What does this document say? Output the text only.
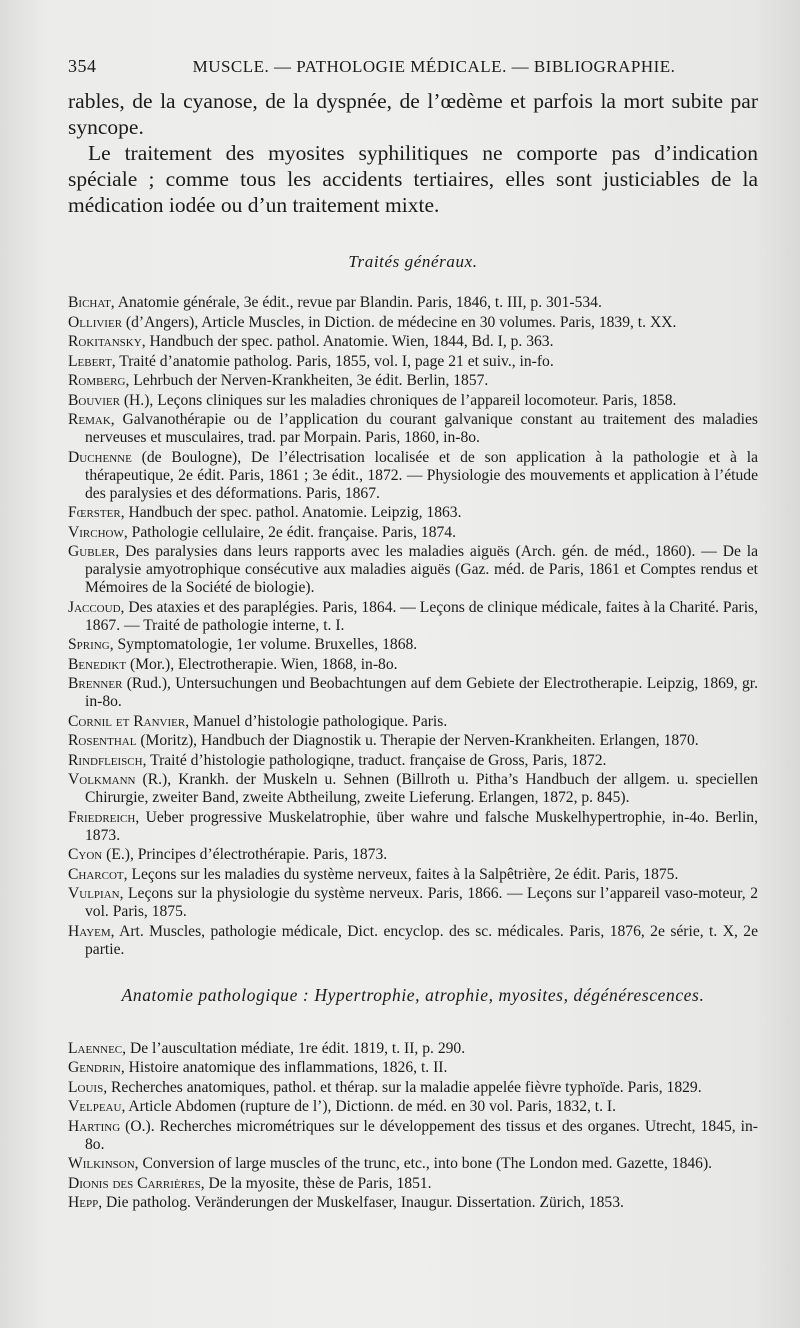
354	MUSCLE. — PATHOLOGIE MÉDICALE. — BIBLIOGRAPHIE.

rables, de la cyanose, de la dyspnée, de l’œdème et parfois la mort subite par syncope.

Le traitement des myosites syphilitiques ne comporte pas d’indication spéciale ; comme tous les accidents tertiaires, elles sont justiciables de la médication iodée ou d’un traitement mixte.

Traités généraux.

Bichat, Anatomie générale, 3e édit., revue par Blandin. Paris, 1846, t. III, p. 301-534.

Ollivier (d’Angers), Article Muscles, in Diction. de médecine en 30 volumes. Paris, 1839, t. XX.

Rokitansky, Handbuch der spec. pathol. Anatomie. Wien, 1844, Bd. I, p. 363.

Lebert, Traité d’anatomie patholog. Paris, 1855, vol. I, page 21 et suiv., in-fo.

Romberg, Lehrbuch der Nerven-Krankheiten, 3e édit. Berlin, 1857.

Bouvier (H.), Leçons cliniques sur les maladies chroniques de l’appareil locomoteur. Paris, 1858.

Remak, Galvanothérapie ou de l’application du courant galvanique constant au traitement des maladies nerveuses et musculaires, trad. par Morpain. Paris, 1860, in-8o.

Duchenne (de Boulogne), De l’électrisation localisée et de son application à la pathologie et à la thérapeutique, 2e édit. Paris, 1861 ; 3e édit., 1872. — Physiologie des mouvements et application à l’étude des paralysies et des déformations. Paris, 1867.

Fœrster, Handbuch der spec. pathol. Anatomie. Leipzig, 1863.

Virchow, Pathologie cellulaire, 2e édit. française. Paris, 1874.

Gubler, Des paralysies dans leurs rapports avec les maladies aiguës (Arch. gén. de méd., 1860). — De la paralysie amyotrophique consécutive aux maladies aiguës (Gaz. méd. de Paris, 1861 et Comptes rendus et Mémoires de la Société de biologie).

Jaccoud, Des ataxies et des paraplégies. Paris, 1864. — Leçons de clinique médicale, faites à la Charité. Paris, 1867. — Traité de pathologie interne, t. I.

Spring, Symptomatologie, 1er volume. Bruxelles, 1868.

Benedikt (Mor.), Electrotherapie. Wien, 1868, in-8o.

Brenner (Rud.), Untersuchungen und Beobachtungen auf dem Gebiete der Electrotherapie. Leipzig, 1869, gr. in-8o.

Cornil et Ranvier, Manuel d’histologie pathologique. Paris.

Rosenthal (Moritz), Handbuch der Diagnostik u. Therapie der Nerven-Krankheiten. Erlangen, 1870.

Rindfleisch, Traité d’histologie pathologiqne, traduct. française de Gross, Paris, 1872.

Volkmann (R.), Krankh. der Muskeln u. Sehnen (Billroth u. Pitha’s Handbuch der allgem. u. speciellen Chirurgie, zweiter Band, zweite Abtheilung, zweite Lieferung. Erlangen, 1872, p. 845).

Friedreich, Ueber progressive Muskelatrophie, über wahre und falsche Muskelhypertrophie, in-4o. Berlin, 1873.

Cyon (E.), Principes d’électrothérapie. Paris, 1873.

Charcot, Leçons sur les maladies du système nerveux, faites à la Salpêtrière, 2e édit. Paris, 1875.

Vulpian, Leçons sur la physiologie du système nerveux. Paris, 1866. — Leçons sur l’appareil vaso-moteur, 2 vol. Paris, 1875.

Hayem, Art. Muscles, pathologie médicale, Dict. encyclop. des sc. médicales. Paris, 1876, 2e série, t. X, 2e partie.

Anatomie pathologique : Hypertrophie, atrophie, myosites, dégénérescences.

Laennec, De l’auscultation médiate, 1re édit. 1819, t. II, p. 290.

Gendrin, Histoire anatomique des inflammations, 1826, t. II.

Louis, Recherches anatomiques, pathol. et thérap. sur la maladie appelée fièvre typhoïde. Paris, 1829.

Velpeau, Article Abdomen (rupture de l’), Dictionn. de méd. en 30 vol. Paris, 1832, t. I.

Harting (O.). Recherches micrométriques sur le développement des tissus et des organes. Utrecht, 1845, in-8o.

Wilkinson, Conversion of large muscles of the trunc, etc., into bone (The London med. Gazette, 1846).

Dionis des Carrières, De la myosite, thèse de Paris, 1851.

Hepp, Die patholog. Veränderungen der Muskelfaser, Inaugur. Dissertation. Zürich, 1853.
